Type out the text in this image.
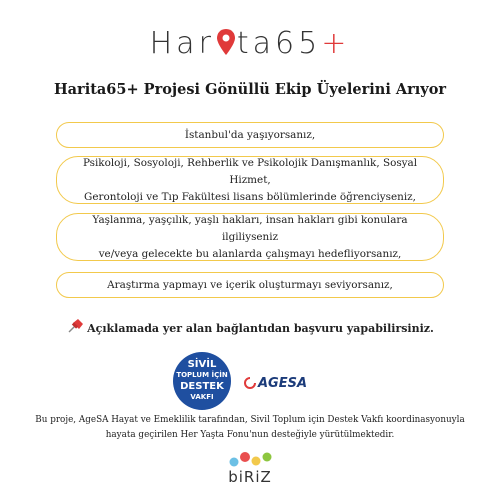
Har ta65+
Harita65+ Projesi Gönüllü Ekip Üyelerini Arıyor
İstanbul'da yaşıyorsanız,
Psikoloji, Sosyoloji, Rehberlik ve Psikolojik Danışmanlık, Sosyal Hizmet,
Gerontoloji ve Tıp Fakültesi lisans bölümlerinde öğrenciyseniz,
Yaşlanma, yaşçılık, yaşlı hakları, insan hakları gibi konulara ilgiliyseniz
ve/veya gelecekte bu alanlarda çalışmayı hedefliyorsanız,
Araştırma yapmayı ve içerik oluşturmayı seviyorsanız,
Açıklamada yer alan bağlantıdan başvuru yapabilirsiniz.
SİVİL
TOPLUM İÇİN
DESTEK
VAKFI
AGESA
Bu proje, AgeSA Hayat ve Emeklilik tarafından, Sivil Toplum için Destek Vakfı koordinasyonuyla
hayata geçirilen Her Yaşta Fonu'nun desteğiyle yürütülmektedir.
biRiZ
